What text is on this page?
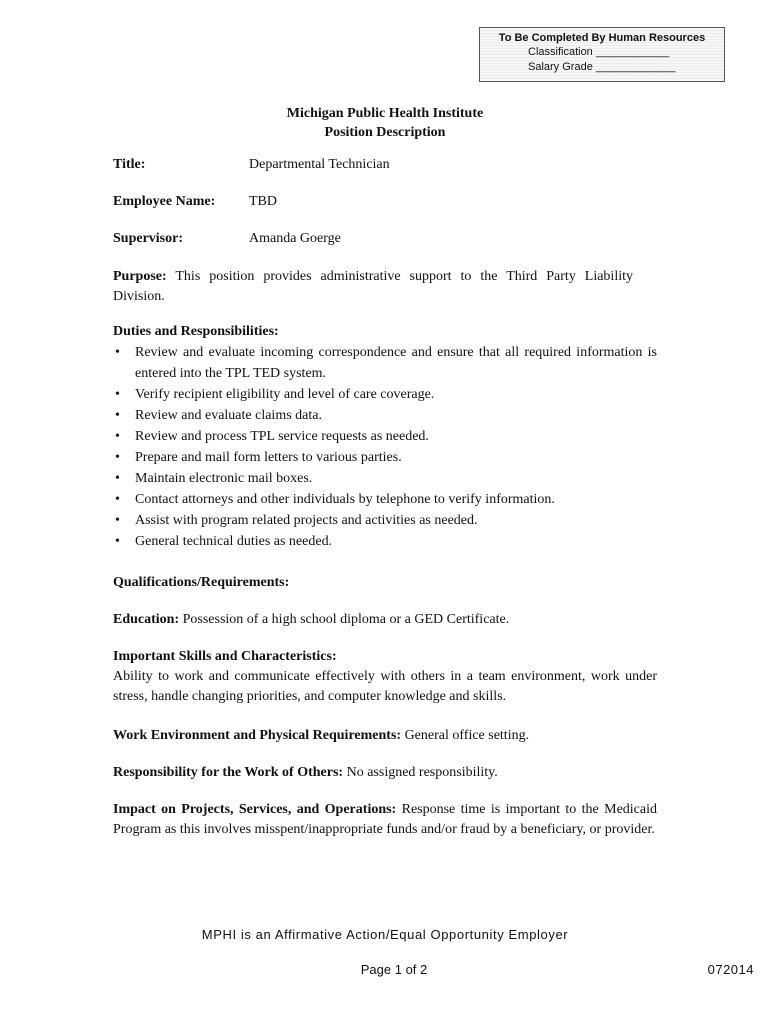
To Be Completed By Human Resources
Classification ____________
Salary Grade _____________
Michigan Public Health Institute
Position Description
Title:	Departmental Technician
Employee Name: TBD
Supervisor:	Amanda Goerge
Purpose: This position provides administrative support to the Third Party Liability Division.
Duties and Responsibilities:
• Review and evaluate incoming correspondence and ensure that all required information is entered into the TPL TED system.
• Verify recipient eligibility and level of care coverage.
• Review and evaluate claims data.
• Review and process TPL service requests as needed.
• Prepare and mail form letters to various parties.
• Maintain electronic mail boxes.
• Contact attorneys and other individuals by telephone to verify information.
• Assist with program related projects and activities as needed.
• General technical duties as needed.
Qualifications/Requirements:
Education: Possession of a high school diploma or a GED Certificate.
Important Skills and Characteristics:
Ability to work and communicate effectively with others in a team environment, work under stress, handle changing priorities, and computer knowledge and skills.
Work Environment and Physical Requirements: General office setting.
Responsibility for the Work of Others: No assigned responsibility.
Impact on Projects, Services, and Operations: Response time is important to the Medicaid Program as this involves misspent/inappropriate funds and/or fraud by a beneficiary, or provider.
MPHI is an Affirmative Action/Equal Opportunity Employer
Page 1 of 2	072014
